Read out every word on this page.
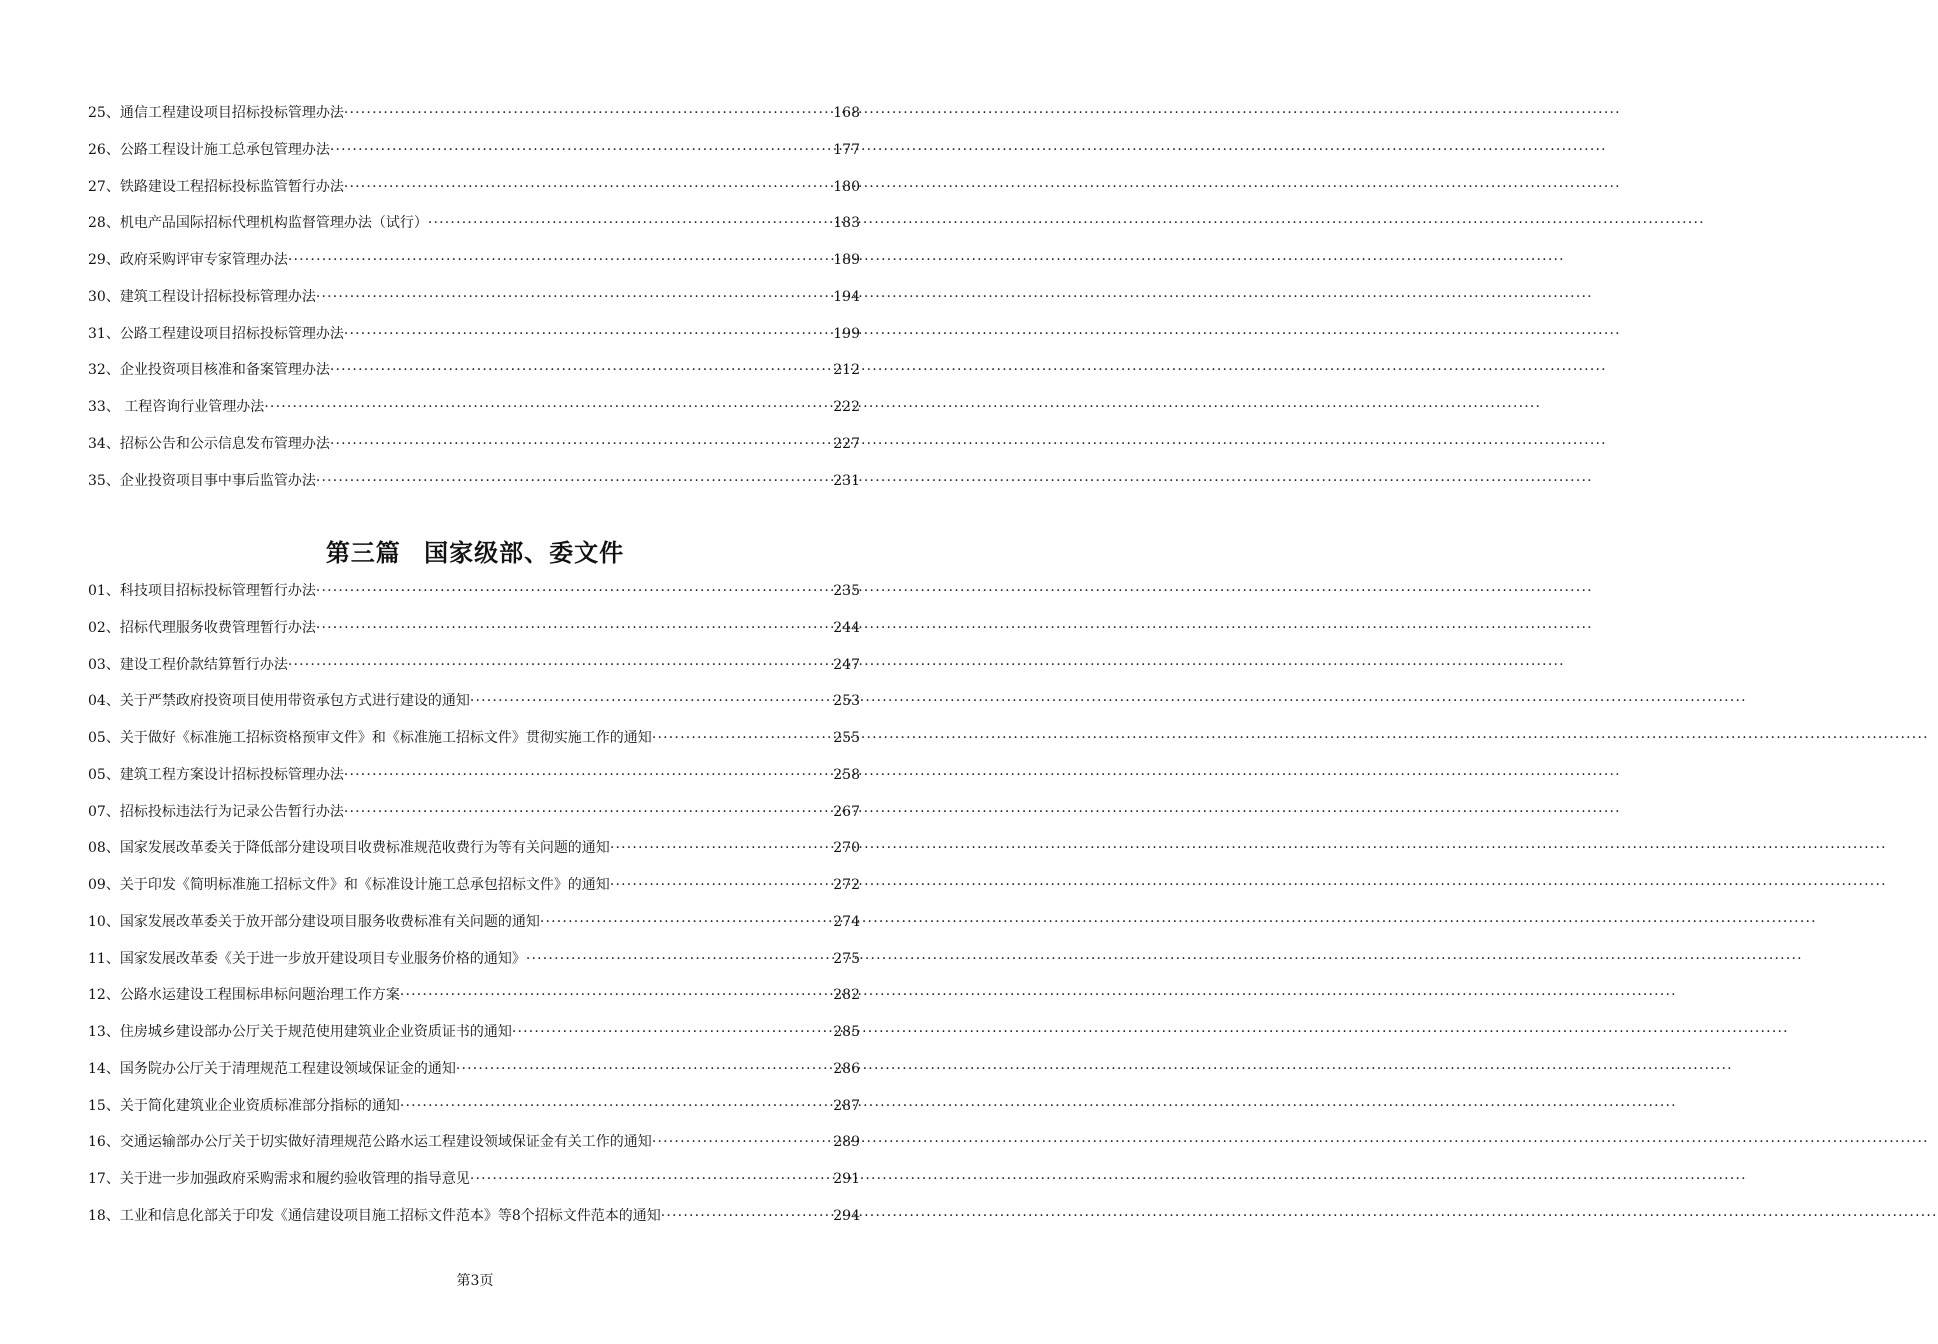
25、通信工程建设项目招标投标管理办法 ·····	168
26、公路工程设计施工总承包管理办法 ·····	177
27、铁路建设工程招标投标监管暂行办法 ·····	180
28、机电产品国际招标代理机构监督管理办法（试行） ·····	183
29、政府采购评审专家管理办法 ·····	189
30、建筑工程设计招标投标管理办法 ·····	194
31、公路工程建设项目招标投标管理办法 ·····	199
32、企业投资项目核准和备案管理办法 ·····	212
33、 工程咨询行业管理办法 ·····	222
34、招标公告和公示信息发布管理办法 ·····	227
35、企业投资项目事中事后监管办法 ·····	231
第三篇 国家级部、委文件
01、科技项目招标投标管理暂行办法 ·····	235
02、招标代理服务收费管理暂行办法 ·····	244
03、建设工程价款结算暂行办法 ·····	247
04、关于严禁政府投资项目使用带资承包方式进行建设的通知 ·····	253
05、关于做好《标准施工招标资格预审文件》和《标准施工招标文件》贯彻实施工作的通知 ·····	255
05、建筑工程方案设计招标投标管理办法 ·····	258
07、招标投标违法行为记录公告暂行办法 ·····	267
08、国家发展改革委关于降低部分建设项目收费标准规范收费行为等有关问题的通知 ·····	270
09、关于印发《简明标准施工招标文件》和《标准设计施工总承包招标文件》的通知 ·····	272
10、国家发展改革委关于放开部分建设项目服务收费标准有关问题的通知 ·····	274
11、国家发展改革委《关于进一步放开建设项目专业服务价格的通知》 ·····	275
12、公路水运建设工程围标串标问题治理工作方案 ·····	282
13、住房城乡建设部办公厅关于规范使用建筑业企业资质证书的通知 ·····	285
14、国务院办公厅关于清理规范工程建设领域保证金的通知 ·····	286
15、关于简化建筑业企业资质标准部分指标的通知 ·····	287
16、交通运输部办公厅关于切实做好清理规范公路水运工程建设领域保证金有关工作的通知 ·····	289
17、关于进一步加强政府采购需求和履约验收管理的指导意见 ·····	291
18、工业和信息化部关于印发《通信建设项目施工招标文件范本》等8个招标文件范本的通知 ·····	294
第3页
